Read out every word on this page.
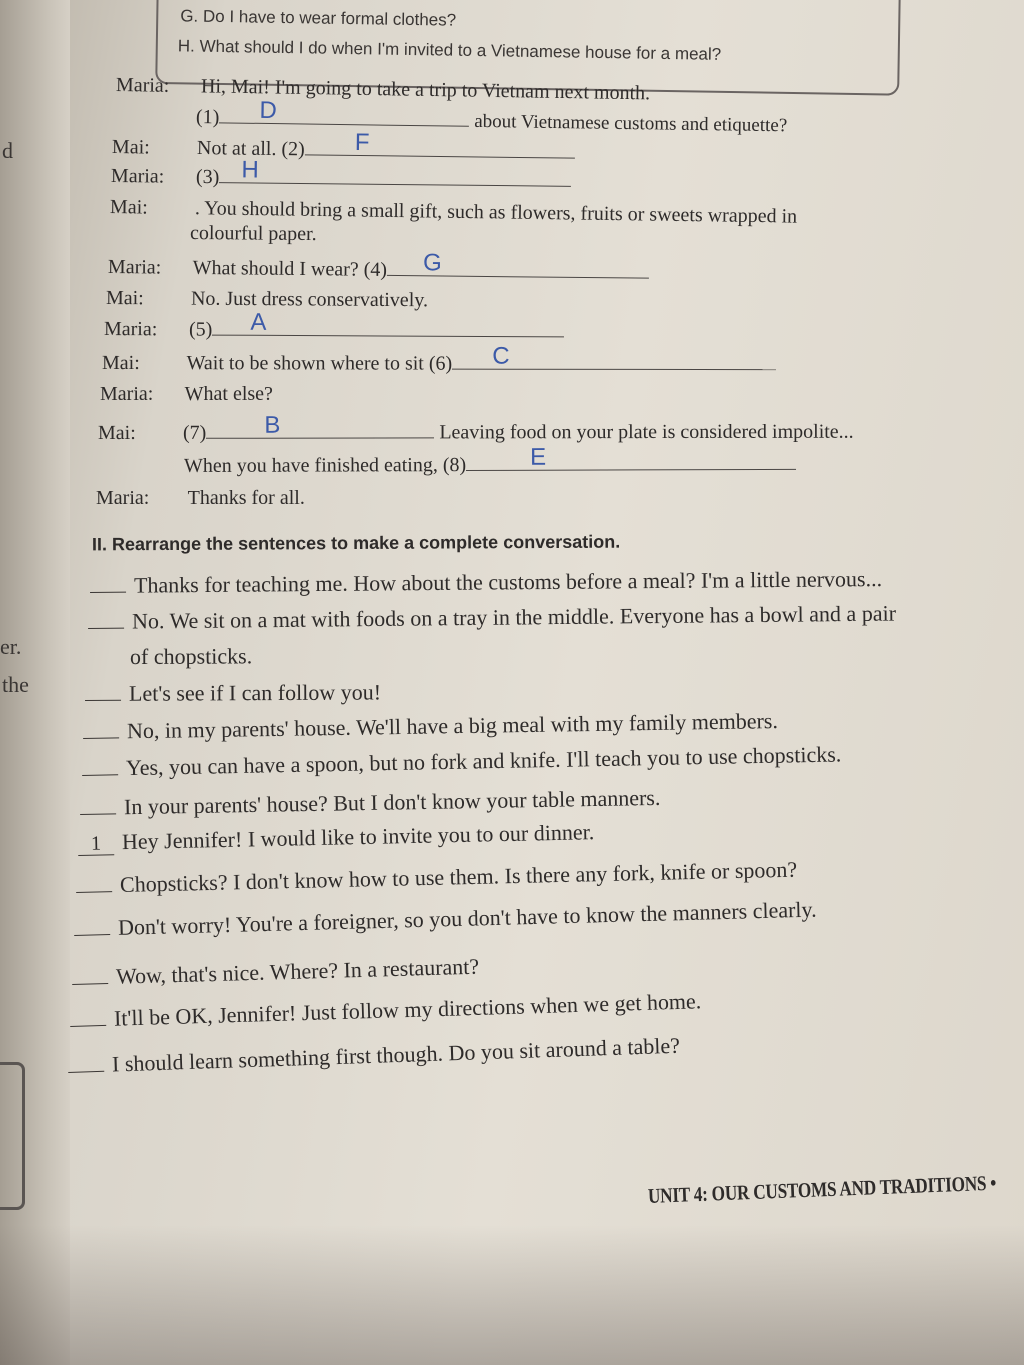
d
er.
the
G. Do I have to wear formal clothes?
H. What should I do when I'm invited to a Vietnamese house for a meal?
Maria: Hi, Mai! I'm going to take a trip to Vietnam next month.
(1) D	about Vietnamese customs and etiquette?
Mai: Not at all. (2) F
Maria: (3) H
Mai: . You should bring a small gift, such as flowers, fruits or sweets wrapped in
colourful paper.
Maria: What should I wear? (4) G
Mai: No. Just dress conservatively.
Maria: (5) A
Mai: Wait to be shown where to sit (6) C
Maria: What else?
Mai: (7) B	Leaving food on your plate is considered impolite...
When you have finished eating, (8)	E
Maria: Thanks for all.
II. Rearrange the sentences to make a complete conversation.
Thanks for teaching me. How about the customs before a meal? I'm a little nervous...
No. We sit on a mat with foods on a tray in the middle. Everyone has a bowl and a pair
of chopsticks.
Let's see if I can follow you!
No, in my parents' house. We'll have a big meal with my family members.
Yes, you can have a spoon, but no fork and knife. I'll teach you to use chopsticks.
In your parents' house? But I don't know your table manners.
1 Hey Jennifer! I would like to invite you to our dinner.
Chopsticks? I don't know how to use them. Is there any fork, knife or spoon?
Don't worry! You're a foreigner, so you don't have to know the manners clearly.
Wow, that's nice. Where? In a restaurant?
It'll be OK, Jennifer! Just follow my directions when we get home.
I should learn something first though. Do you sit around a table?
UNIT 4: OUR CUSTOMS AND TRADITIONS •
